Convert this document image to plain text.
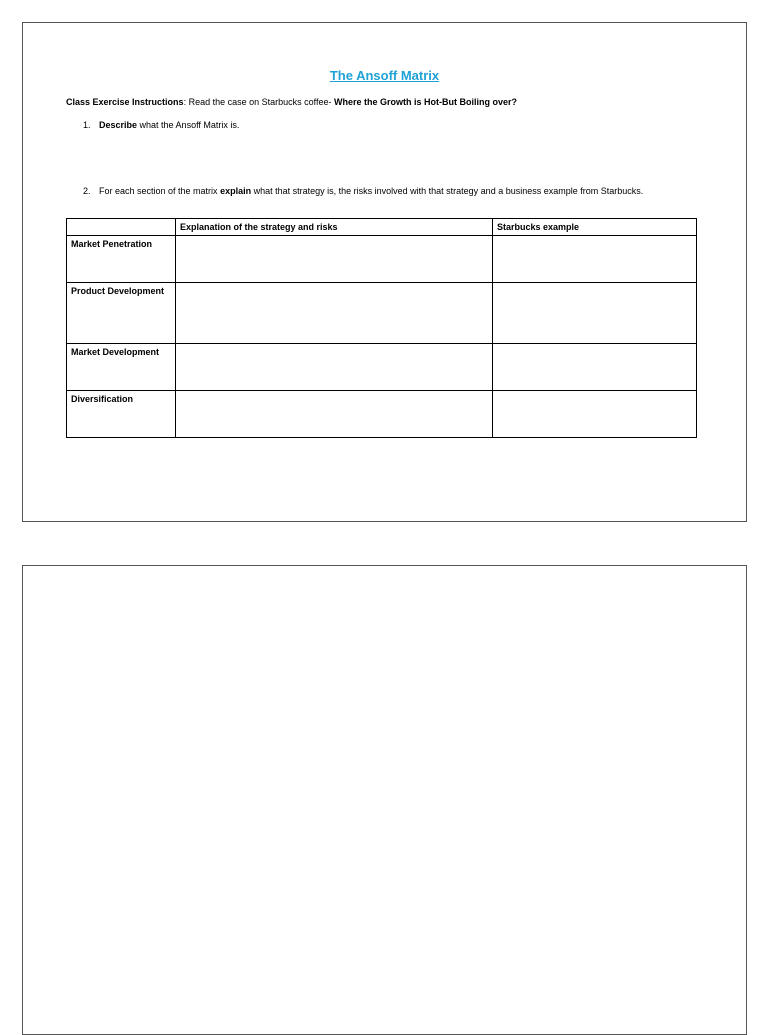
The Ansoff Matrix
Class Exercise Instructions: Read the case on Starbucks coffee- Where the Growth is Hot-But Boiling over?
1. Describe what the Ansoff Matrix is.
2. For each section of the matrix explain what that strategy is, the risks involved with that strategy and a business example from Starbucks.
	Explanation of the strategy and risks	Starbucks example
Market Penetration		
Product Development		
Market Development		
Diversification		
